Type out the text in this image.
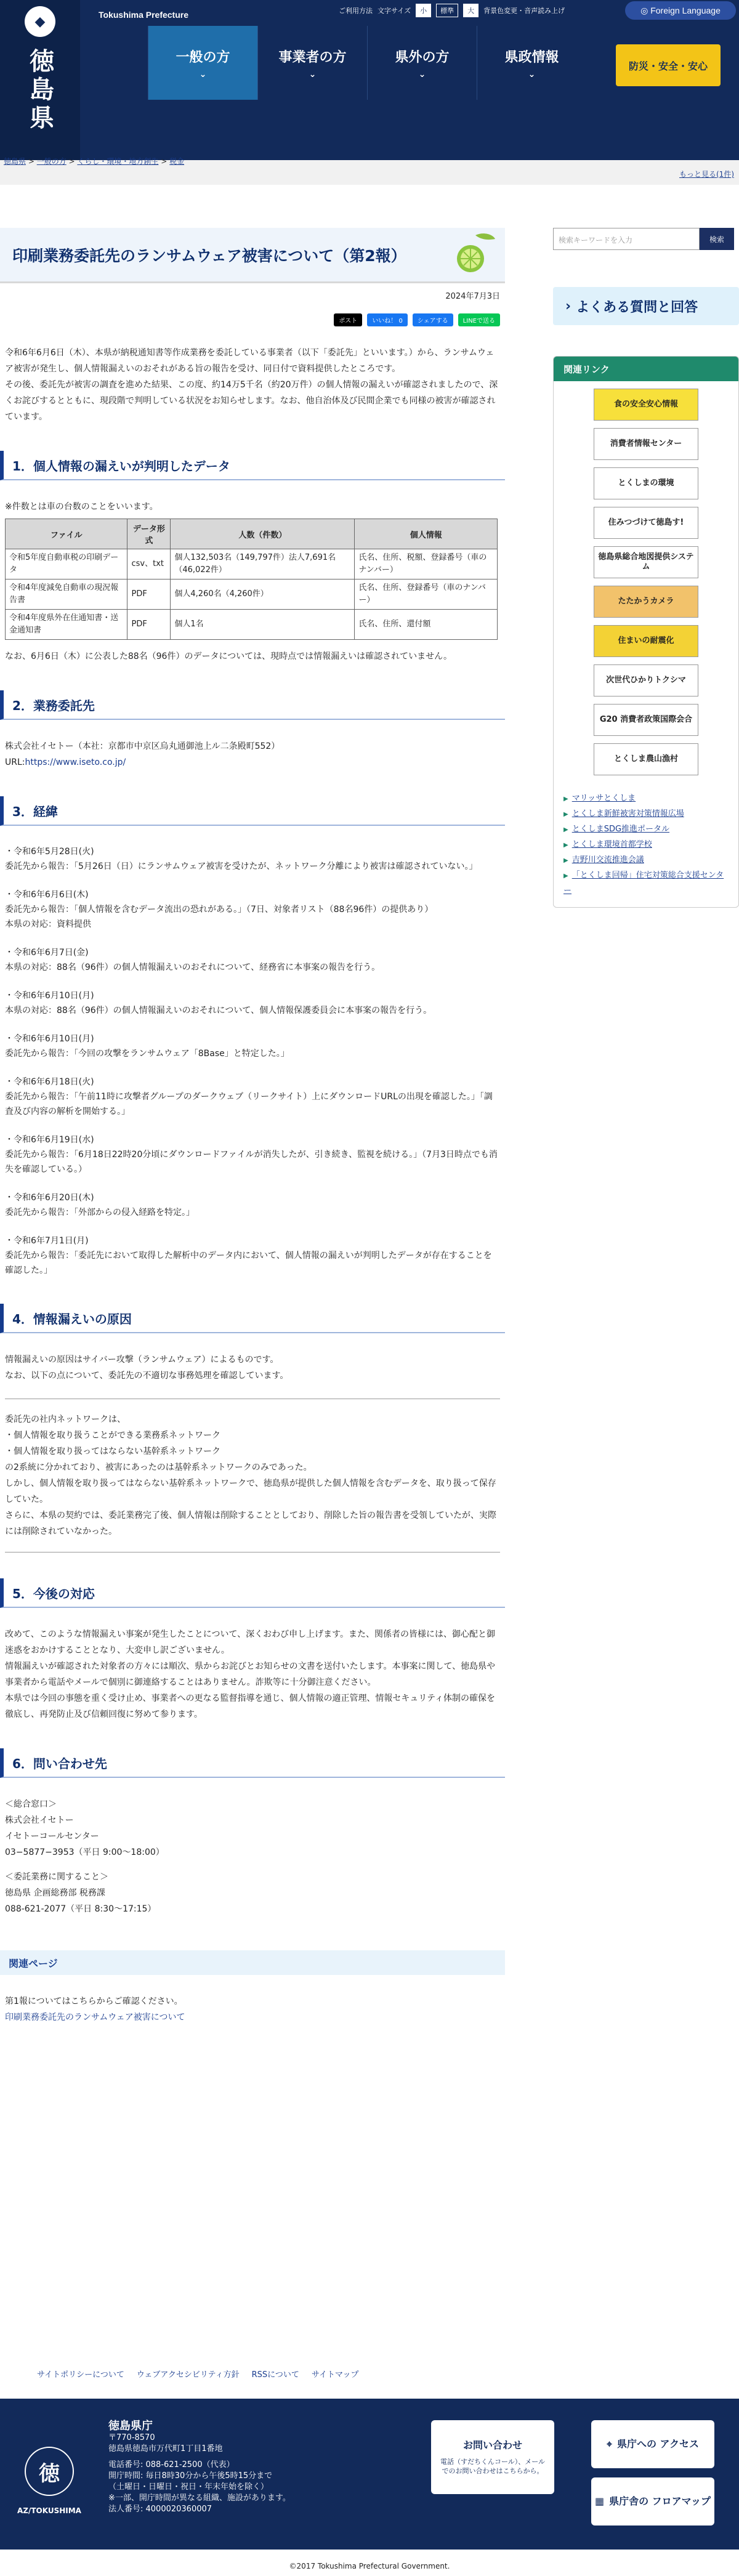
◆
徳島県
Tokushima Prefecture	ご利用方法 文字サイズ	小	標準	大	背景色変更・音声読み上げ	◎ Foreign Language
一般の方
⌄
事業者の方
⌄
県外の方
⌄
県政情報
⌄
防災・安全・安心
徳島県 > 一般の方 > くらし・環境・地方創生 > 税金
もっと見る(1件)
印刷業務委託先のランサムウェア被害について（第2報）
2024年7月3日
ポスト	いいね！ 0	シェアする	LINEで送る

令和6年6月6日（木）、本県が納税通知書等作成業務を委託している事業者（以下「委託先」といいます。）から、ランサムウェア被害が発生し、個人情報漏えいのおそれがある旨の報告を受け、同日付で資料提供したところです。

その後、委託先が被害の調査を進めた結果、この度、約14万5千名（約20万件）の個人情報の漏えいが確認されましたので、深くお詫びするとともに、現段階で判明している状況をお知らせします。なお、他自治体及び民間企業でも同様の被害が確認されています。

1．個人情報の漏えいが判明したデータ

※件数とは車の台数のことをいいます。

ファイル	データ形式	人数（件数）	個人情報
令和5年度自動車税の印刷データ	csv、txt	個人132,503名（149,797件）法人7,691名（46,022件）	氏名、住所、税額、登録番号（車のナンバー）
令和4年度減免自動車の現況報告書	PDF	個人4,260名（4,260件）	氏名、住所、登録番号（車のナンバー）
令和4年度県外在住通知書・送金通知書	PDF	個人1名	氏名、住所、還付額

なお、6月6日（木）に公表した88名（96件）のデータについては、現時点では情報漏えいは確認されていません。

2．業務委託先

株式会社イセトー（本社：京都市中京区烏丸通御池上ル二条殿町552）

URL:https://www.iseto.co.jp/

3．経緯

・令和6年5月28日(火)
委託先から報告：「5月26日（日）にランサムウェア被害を受けたが、ネットワーク分離により被害は確認されていない。」

・令和6年6月6日(木)
委託先から報告：「個人情報を含むデータ流出の恐れがある。」（7日、対象者リスト（88名96件）の提供あり）
本県の対応：資料提供

・令和6年6月7日(金)
本県の対応：88名（96件）の個人情報漏えいのおそれについて、経務省に本事案の報告を行う。

・令和6年6月10日(月)
本県の対応：88名（96件）の個人情報漏えいのおそれについて、個人情報保護委員会に本事案の報告を行う。

・令和6年6月10日(月)
委託先から報告：「今回の攻撃をランサムウェア「8Base」と特定した。」

・令和6年6月18日(火)
委託先から報告：「午前11時に攻撃者グループのダークウェブ（リークサイト）上にダウンロードURLの出現を確認した。」「調査及び内容の解析を開始する。」

・令和6年6月19日(水)
委託先から報告：「6月18日22時20分頃にダウンロードファイルが消失したが、引き続き、監視を続ける。」（7月3日時点でも消失を確認している。）

・令和6年6月20日(木)
委託先から報告：「外部からの侵入経路を特定。」

・令和6年7月1日(月)
委託先から報告：「委託先において取得した解析中のデータ内において、個人情報の漏えいが判明したデータが存在することを確認した。」

4．情報漏えいの原因

情報漏えいの原因はサイバー攻撃（ランサムウェア）によるものです。

なお、以下の点について、委託先の不適切な事務処理を確認しています。

委託先の社内ネットワークは、

・個人情報を取り扱うことができる業務系ネットワーク

・個人情報を取り扱ってはならない基幹系ネットワーク

の2系統に分かれており、被害にあったのは基幹系ネットワークのみであった。

しかし、個人情報を取り扱ってはならない基幹系ネットワークで、徳島県が提供した個人情報を含むデータを、取り扱って保存していた。

さらに、本県の契約では、委託業務完了後、個人情報は削除することとしており、削除した旨の報告書を受領していたが、実際には削除されていなかった。

5．今後の対応

改めて、このような情報漏えい事案が発生したことについて、深くおわび申し上げます。また、関係者の皆様には、御心配と御迷惑をおかけすることとなり、大変申し訳ございません。

情報漏えいが確認された対象者の方々には順次、県からお詫びとお知らせの文書を送付いたします。本事案に関して、徳島県や事業者から電話やメールで個別に御連絡することはありません。詐欺等に十分御注意ください。

本県では今回の事態を重く受け止め、事業者への更なる監督指導を通じ、個人情報の適正管理、情報セキュリティ体制の確保を徹底し、再発防止及び信頼回復に努めて参ります。

6．問い合わせ先

＜総合窓口＞

株式会社イセトー

イセトーコールセンター

03−5877−3953（平日 9:00〜18:00）

＜委託業務に関すること＞

徳島県 企画総務部 税務課

088-621-2077（平日 8:30〜17:15）

関連ページ

第1報についてはこちらからご確認ください。

印刷業務委託先のランサムウェア被害について
検索キーワードを入力	検索
› よくある質問と回答
関連リンク
食の安全安心情報
消費者情報センター
とくしまの環境
住みつづけて徳島す!
徳島県総合地図提供システム
たたかうカメラ
住まいの耐震化
次世代ひかりトクシマ
G20 消費者政策国際会合
とくしま農山漁村
▶ マリッサとくしま
▶ とくしま新鮮被害対策情報広場
▶ とくしまSDG推進ポータル
▶ とくしま環境首都学校
▶ 吉野川交流推進会議
▶ 「とくしま回帰」住宅対策総合支援センター
サイトポリシーについて ウェブアクセシビリティ方針 RSSについて サイトマップ
徳
AZ/TOKUSHIMA
徳島県庁
〒770-8570
徳島県徳島市万代町1丁目1番地
電話番号: 088-621-2500（代表）
開庁時間: 毎日8時30分から午後5時15分まで
（土曜日・日曜日・祝日・年末年始を除く）
※一部、開庁時間が異なる組織、施設があります。
法人番号: 4000020360007
お問い合わせ
電話（すだちくんコール）、メールでのお問い合わせはこちらから。
⌖ 県庁への アクセス
▦ 県庁舎の フロアマップ
©2017 Tokushima Prefectural Government.
